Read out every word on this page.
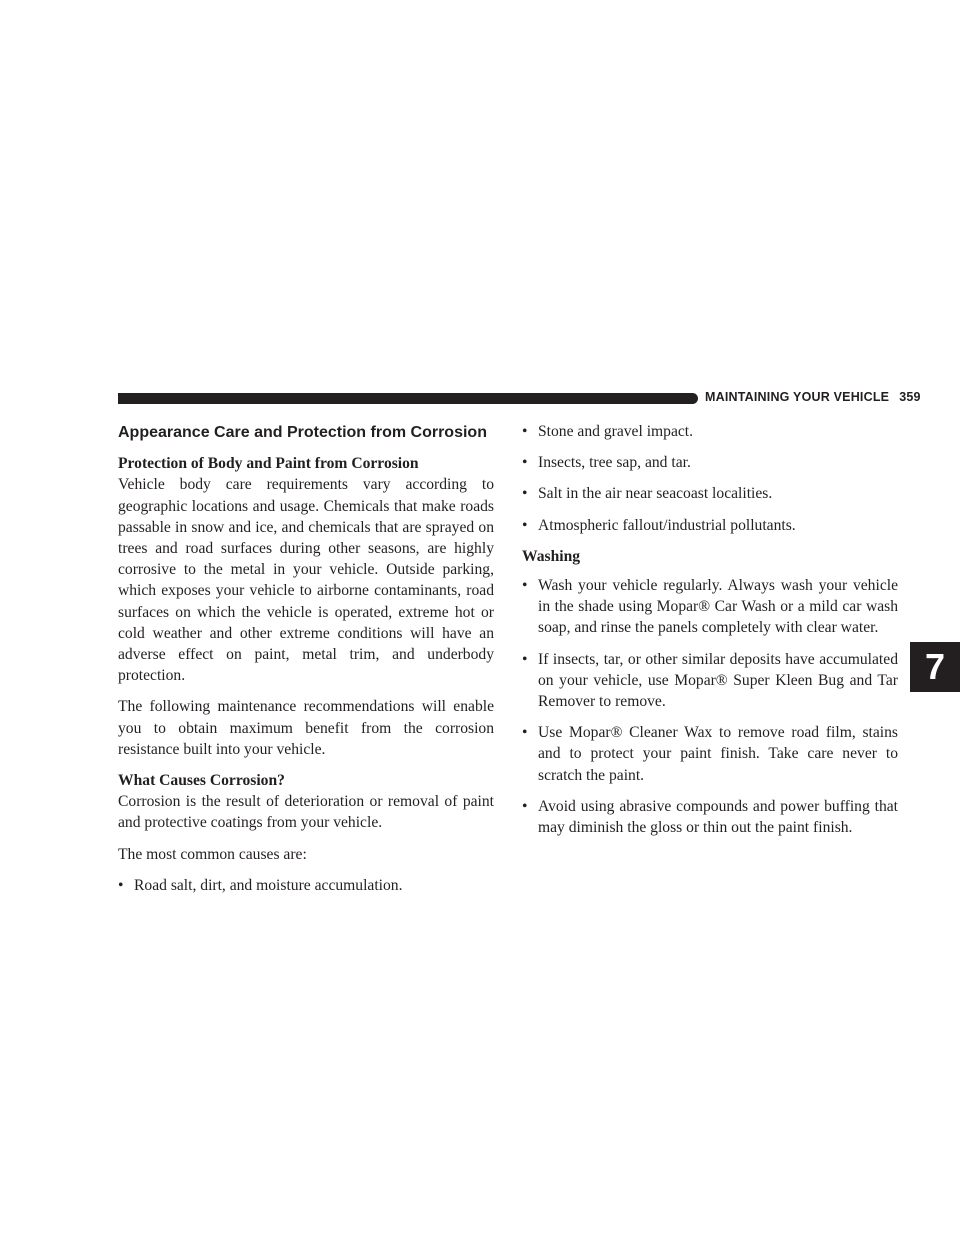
MAINTAINING YOUR VEHICLE 359
7
Appearance Care and Protection from Corrosion
Protection of Body and Paint from Corrosion

Vehicle body care requirements vary according to geographic locations and usage. Chemicals that make roads passable in snow and ice, and chemicals that are sprayed on trees and road surfaces during other seasons, are highly corrosive to the metal in your vehicle. Outside parking, which exposes your vehicle to airborne contaminants, road surfaces on which the vehicle is operated, extreme hot or cold weather and other extreme conditions will have an adverse effect on paint, metal trim, and underbody protection.

The following maintenance recommendations will enable you to obtain maximum benefit from the corrosion resistance built into your vehicle.

What Causes Corrosion?

Corrosion is the result of deterioration or removal of paint and protective coatings from your vehicle.

The most common causes are:

• Road salt, dirt, and moisture accumulation.
• Stone and gravel impact.
• Insects, tree sap, and tar.
• Salt in the air near seacoast localities.
• Atmospheric fallout/industrial pollutants.
Washing
• Wash your vehicle regularly. Always wash your vehicle in the shade using Mopar® Car Wash or a mild car wash soap, and rinse the panels completely with clear water.
• If insects, tar, or other similar deposits have accumulated on your vehicle, use Mopar® Super Kleen Bug and Tar Remover to remove.
• Use Mopar® Cleaner Wax to remove road film, stains and to protect your paint finish. Take care never to scratch the paint.
• Avoid using abrasive compounds and power buffing that may diminish the gloss or thin out the paint finish.
